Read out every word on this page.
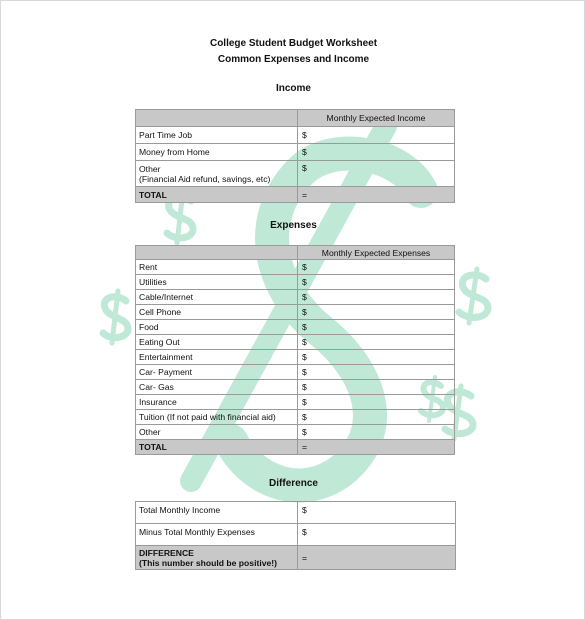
College Student Budget Worksheet
Common Expenses and Income
Income
	Monthly Expected Income
Part Time Job	$
Money from Home	$

Other
(Financial Aid refund, savings, etc)	$
TOTAL	=
Expenses
	Monthly Expected Expenses
Rent	$
Utilities	$
Cable/Internet	$
Cell Phone	$
Food	$
Eating Out	$
Entertainment	$
Car- Payment	$
Car- Gas	$
Insurance	$
Tuition (If not paid with financial aid)	$
Other	$
TOTAL	=
Difference
Total Monthly Income	$
Minus Total Monthly Expenses	$

DIFFERENCE
(This number should be positive!)	=
